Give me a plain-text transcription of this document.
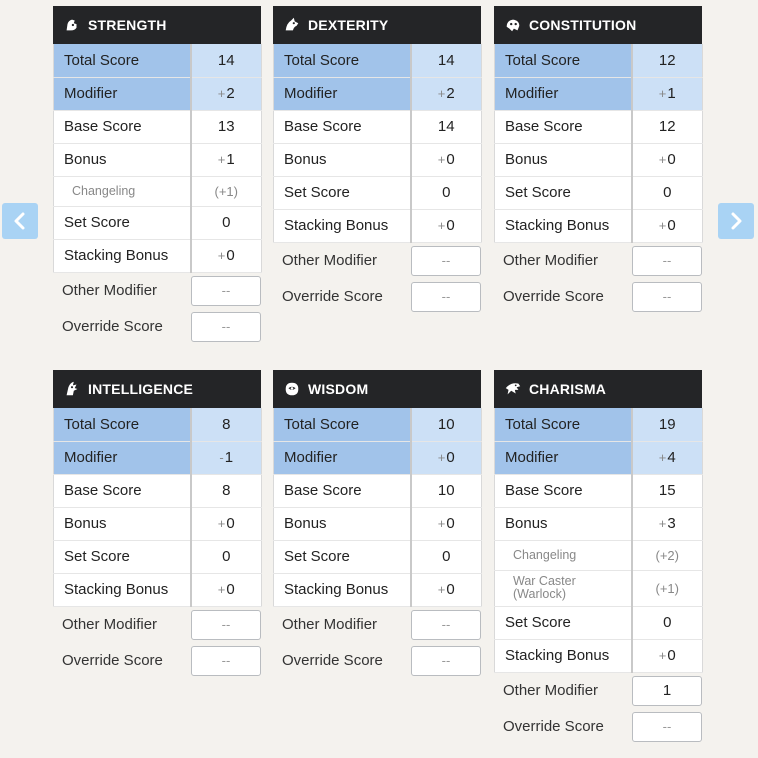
STRENGTH
Total Score	14
Modifier	+2
Base Score	13
Bonus	+1
Changeling	(+1)
Set Score	0
Stacking Bonus	+0
Other Modifier	--
Override Score	--
DEXTERITY
Total Score	14
Modifier	+2
Base Score	14
Bonus	+0
Set Score	0
Stacking Bonus	+0
Other Modifier	--
Override Score	--
CONSTITUTION
Total Score	12
Modifier	+1
Base Score	12
Bonus	+0
Set Score	0
Stacking Bonus	+0
Other Modifier	--
Override Score	--
INTELLIGENCE
Total Score	8
Modifier	-1
Base Score	8
Bonus	+0
Set Score	0
Stacking Bonus	+0
Other Modifier	--
Override Score	--
WISDOM
Total Score	10
Modifier	+0
Base Score	10
Bonus	+0
Set Score	0
Stacking Bonus	+0
Other Modifier	--
Override Score	--
CHARISMA
Total Score	19
Modifier	+4
Base Score	15
Bonus	+3
Changeling	(+2)
War Caster (Warlock)	(+1)
Set Score	0
Stacking Bonus	+0
Other Modifier	1
Override Score	--
